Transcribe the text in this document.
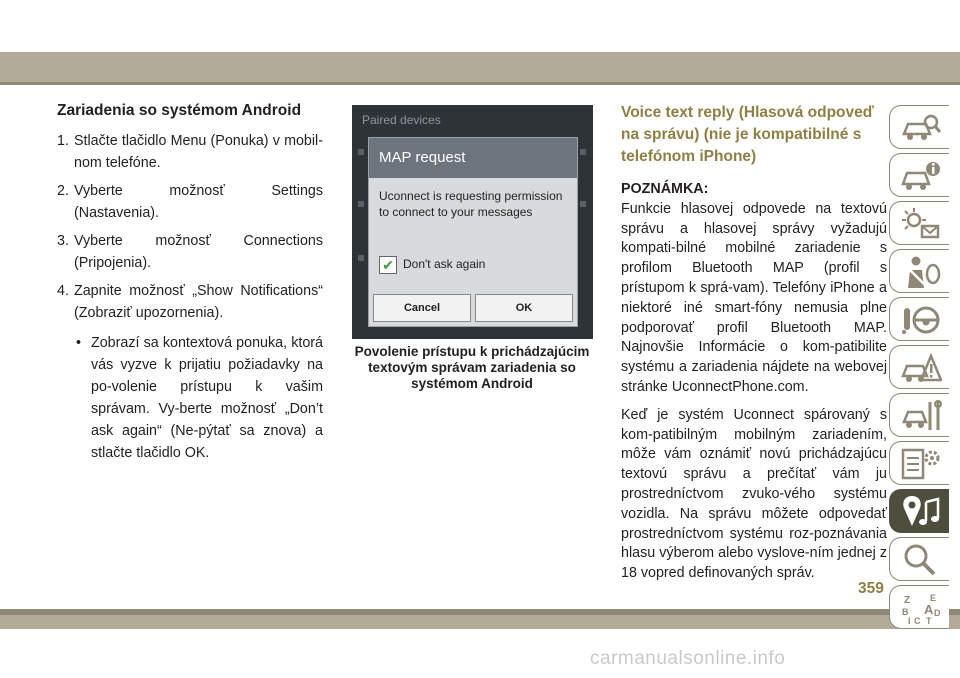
Zariadenia so systémom Android
1. Stlačte tlačidlo Menu (Ponuka) v mobil-nom telefóne.
2. Vyberte možnosť Settings (Nastavenia).
3. Vyberte možnosť Connections (Pripojenia).
4. Zapnite možnosť „Show Notifications“ (Zobraziť upozornenia).
• Zobrazí sa kontextová ponuka, ktorá vás vyzve k prijatiu požiadavky na po-volenie prístupu k vašim správam. Vy-berte možnosť „Don’t ask again“ (Ne-pýtať sa znova) a stlačte tlačidlo OK.
Paired devices
MAP request
Uconnect is requesting permission to connect to your messages
✔ Don't ask again
Cancel	OK
Povolenie prístupu k prichádzajúcim textovým správam zariadenia so systémom Android
Voice text reply (Hlasová odpoveď na správu) (nie je kompatibilné s telefónom iPhone)
POZNÁMKA:
Funkcie hlasovej odpovede na textovú správu a hlasovej správy vyžadujú kompati-bilné mobilné zariadenie s profilom Bluetooth MAP (profil s prístupom k sprá-vam). Telefóny iPhone a niektoré iné smart-fóny nemusia plne podporovať profil Bluetooth MAP. Najnovšie Informácie o kom-patibilite systému a zariadenia nájdete na webovej stránke UconnectPhone.com.
Keď je systém Uconnect spárovaný s kom-patibilným mobilným zariadením, môže vám oznámiť novú prichádzajúcu textovú správu a prečítať vám ju prostredníctvom zvuko-vého systému vozidla. Na správu môžete odpovedať prostredníctvom systému roz-poznávania hlasu výberom alebo vyslove-ním jednej z 18 vopred definovaných správ.
Z E
B A D
I C T
359
carmanualsonline.info
